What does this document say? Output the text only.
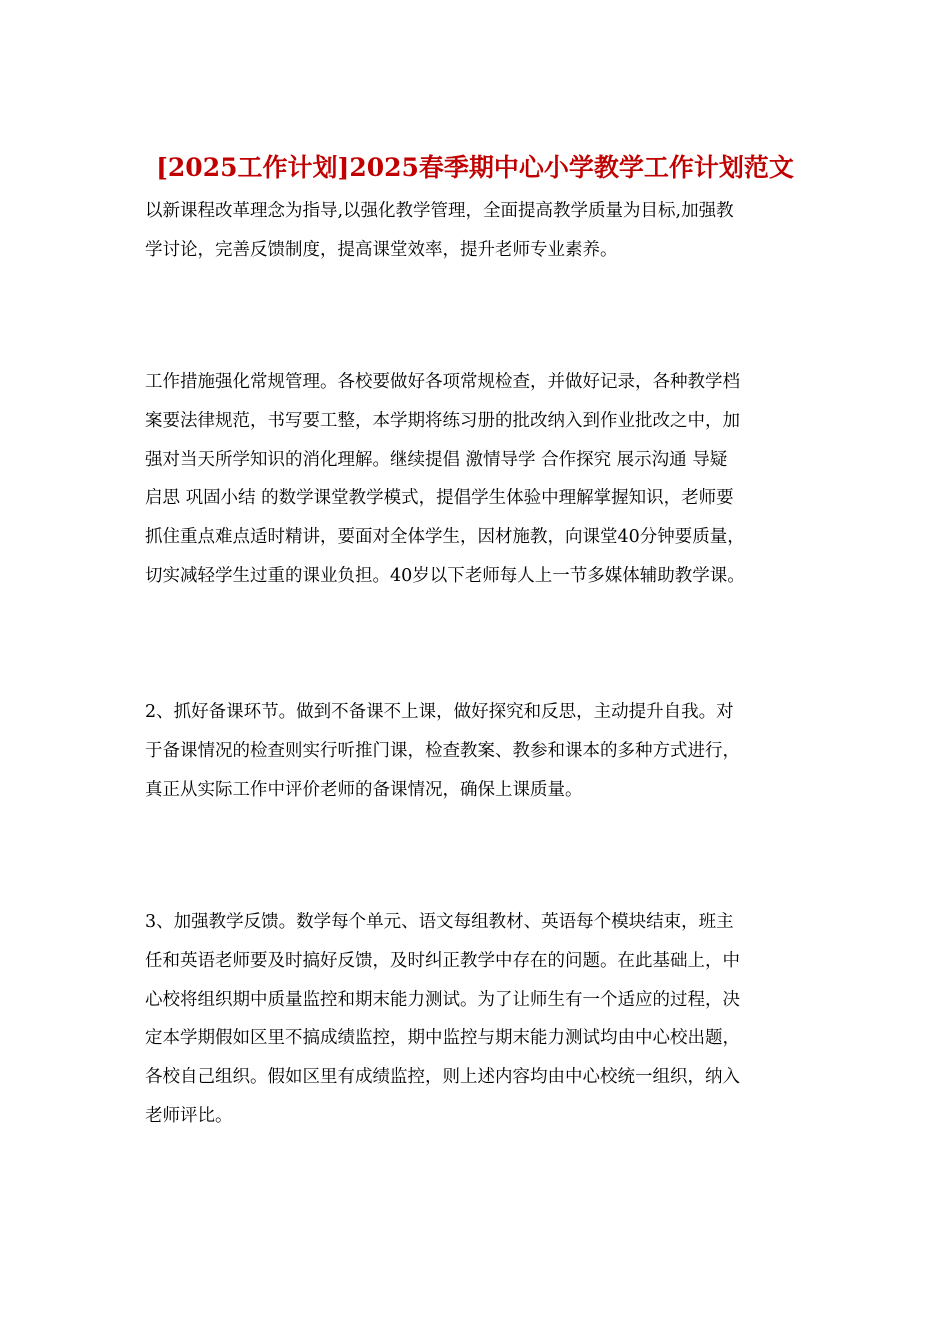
[2025工作计划]2025春季期中心小学教学工作计划范文
以新课程改革理念为指导,以强化教学管理，全面提高教学质量为目标,加强教
学讨论，完善反馈制度，提高课堂效率，提升老师专业素养。
工作措施强化常规管理。各校要做好各项常规检查，并做好记录，各种教学档
案要法律规范，书写要工整，本学期将练习册的批改纳入到作业批改之中，加
强对当天所学知识的消化理解。继续提倡 激情导学 合作探究 展示沟通 导疑
启思 巩固小结 的数学课堂教学模式，提倡学生体验中理解掌握知识，老师要
抓住重点难点适时精讲，要面对全体学生，因材施教，向课堂40分钟要质量，
切实减轻学生过重的课业负担。40岁以下老师每人上一节多媒体辅助教学课。
2、抓好备课环节。做到不备课不上课，做好探究和反思，主动提升自我。对
于备课情况的检查则实行听推门课，检查教案、教参和课本的多种方式进行，
真正从实际工作中评价老师的备课情况，确保上课质量。
3、加强教学反馈。数学每个单元、语文每组教材、英语每个模块结束，班主
任和英语老师要及时搞好反馈，及时纠正教学中存在的问题。在此基础上，中
心校将组织期中质量监控和期末能力测试。为了让师生有一个适应的过程，决
定本学期假如区里不搞成绩监控，期中监控与期末能力测试均由中心校出题，
各校自己组织。假如区里有成绩监控，则上述内容均由中心校统一组织，纳入
老师评比。
